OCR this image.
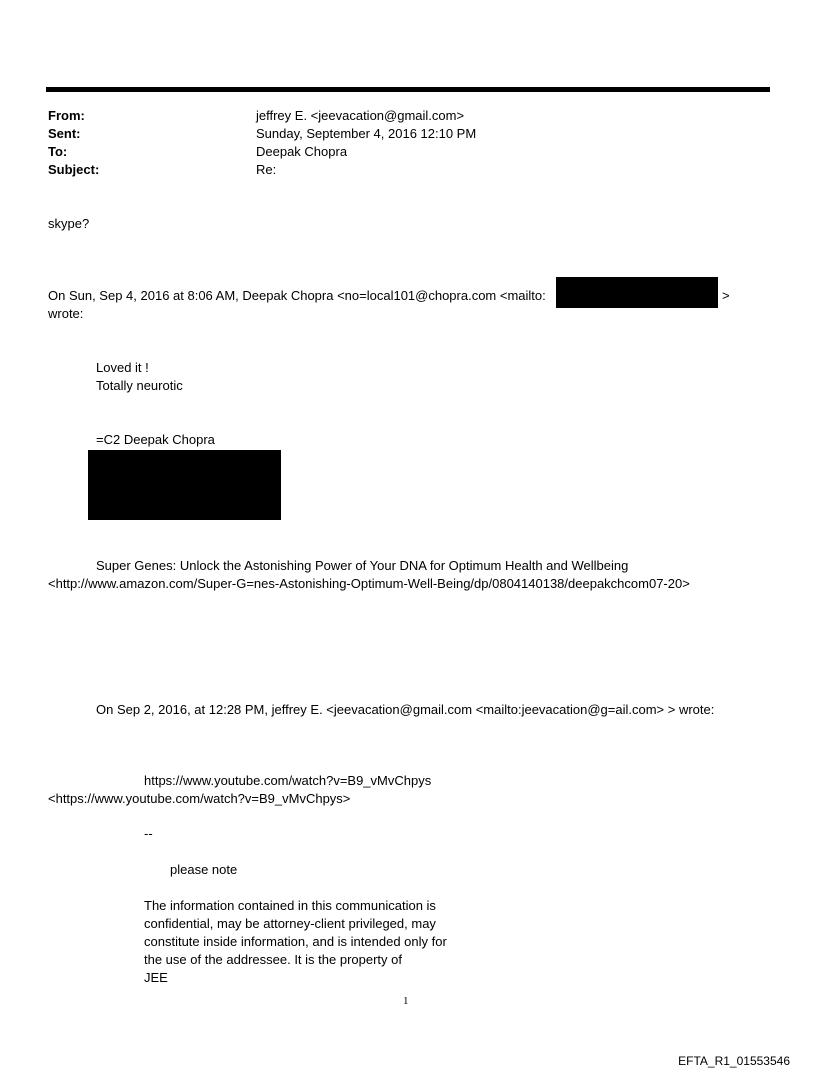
From:	jeffrey E. <jeevacation@gmail.com>
Sent:	Sunday, September 4, 2016 12:10 PM
To:	Deepak Chopra
Subject:	Re:
skype?
On Sun, Sep 4, 2016 at 8:06 AM, Deepak Chopra <no=local101@chopra.com <mailto:	>
wrote:
Loved it !
Totally neurotic
=C2 Deepak Chopra
Super Genes: Unlock the Astonishing Power of Your DNA for Optimum Health and Wellbeing
<http://www.amazon.com/Super-G=nes-Astonishing-Optimum-Well-Being/dp/0804140138/deepakchcom07-20>
On Sep 2, 2016, at 12:28 PM, jeffrey E. <jeevacation@gmail.com <mailto:jeevacation@g=ail.com> > wrote:
https://www.youtube.com/watch?v=B9_vMvChpys
<https://www.youtube.com/watch?v=B9_vMvChpys>
--
please note
The information contained in this communication is
confidential, may be attorney-client privileged, may
constitute inside information, and is intended only for
the use of the addressee. It is the property of
JEE
1
EFTA_R1_01553546
